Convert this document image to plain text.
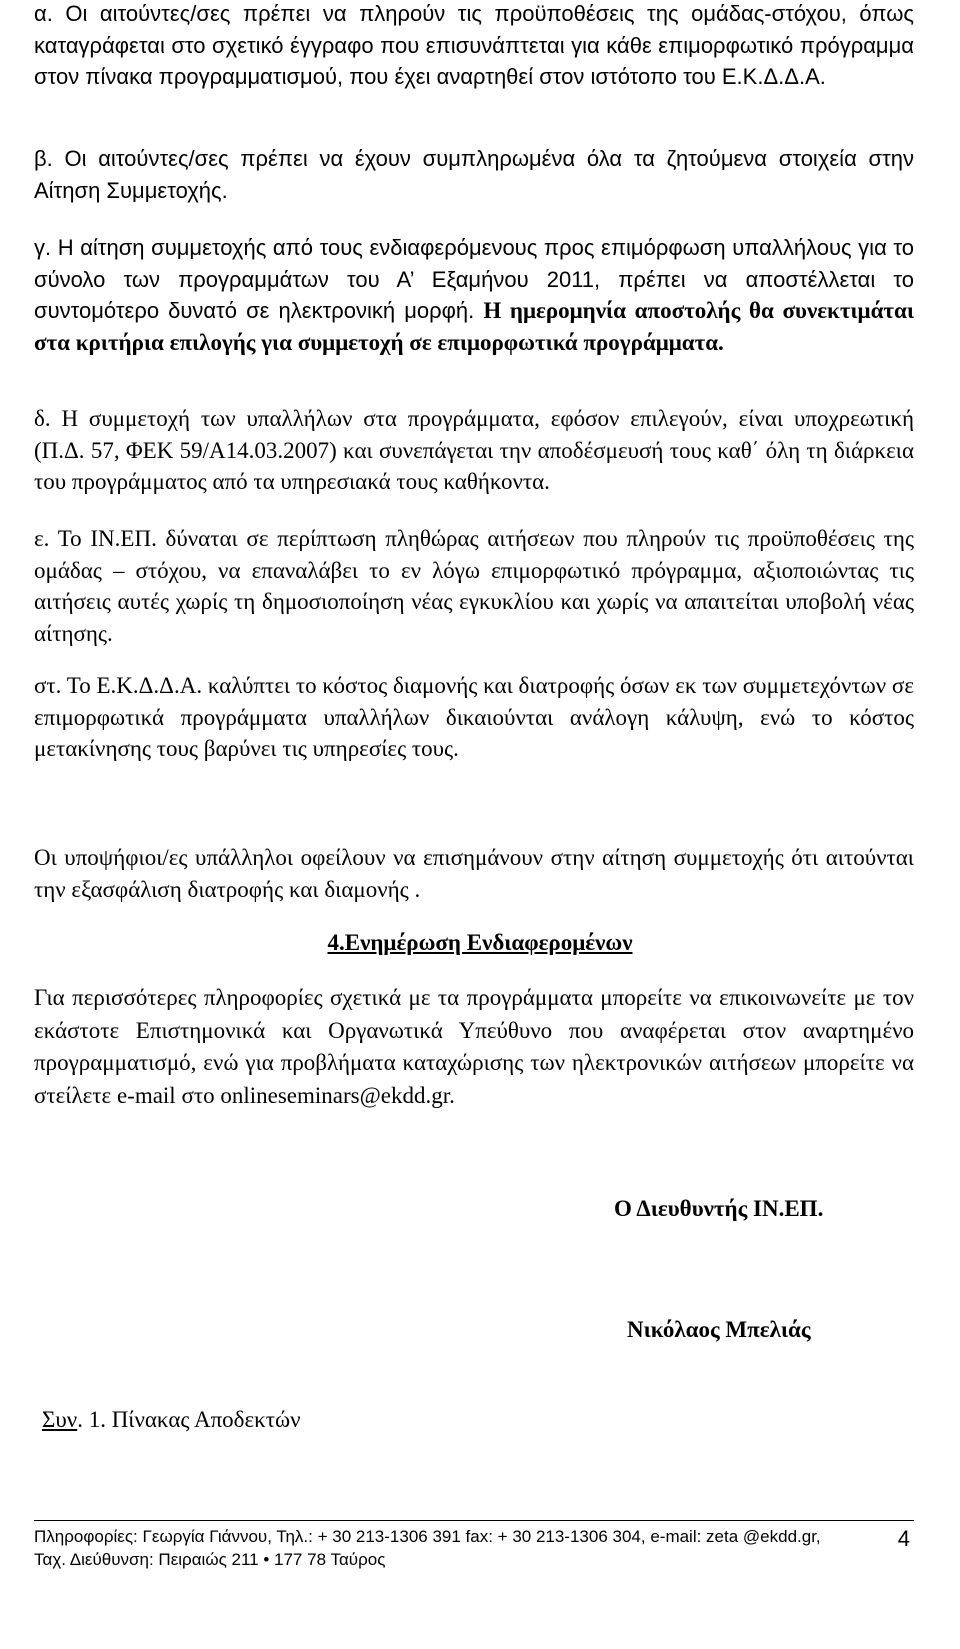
α. Οι αιτούντες/σες πρέπει να πληρούν τις προϋποθέσεις της ομάδας-στόχου, όπως καταγράφεται στο σχετικό έγγραφο που επισυνάπτεται για κάθε επιμορφωτικό πρόγραμμα στον πίνακα προγραμματισμού, που έχει αναρτηθεί στον ιστότοπο του Ε.Κ.Δ.Δ.Α.

β. Οι αιτούντες/σες πρέπει να έχουν συμπληρωμένα όλα τα ζητούμενα στοιχεία στην Αίτηση Συμμετοχής.

γ. Η αίτηση συμμετοχής από τους ενδιαφερόμενους προς επιμόρφωση υπαλλήλους για το σύνολο των προγραμμάτων του Α’ Εξαμήνου 2011, πρέπει να αποστέλλεται το συντομότερο δυνατό σε ηλεκτρονική μορφή. Η ημερομηνία αποστολής θα συνεκτιμάται στα κριτήρια επιλογής για συμμετοχή σε επιμορφωτικά προγράμματα.

δ. Η συμμετοχή των υπαλλήλων στα προγράμματα, εφόσον επιλεγούν, είναι υποχρεωτική (Π.Δ. 57, ΦΕΚ 59/Α14.03.2007) και συνεπάγεται την αποδέσμευσή τους καθ΄ όλη τη διάρκεια του προγράμματος από τα υπηρεσιακά τους καθήκοντα.

ε. Το ΙΝ.ΕΠ. δύναται σε περίπτωση πληθώρας αιτήσεων που πληρούν τις προϋποθέσεις της ομάδας – στόχου, να επαναλάβει το εν λόγω επιμορφωτικό πρόγραμμα, αξιοποιώντας τις αιτήσεις αυτές χωρίς τη δημοσιοποίηση νέας εγκυκλίου και χωρίς να απαιτείται υποβολή νέας αίτησης.

στ. Το Ε.Κ.Δ.Δ.Α. καλύπτει το κόστος διαμονής και διατροφής όσων εκ των συμμετεχόντων σε επιμορφωτικά προγράμματα υπαλλήλων δικαιούνται ανάλογη κάλυψη, ενώ το κόστος μετακίνησης τους βαρύνει τις υπηρεσίες τους.

Οι υποψήφιοι/ες υπάλληλοι οφείλουν να επισημάνουν στην αίτηση συμμετοχής ότι αιτούνται την εξασφάλιση διατροφής και διαμονής .

4.Ενημέρωση Ενδιαφερομένων

Για περισσότερες πληροφορίες σχετικά με τα προγράμματα μπορείτε να επικοινωνείτε με τον εκάστοτε Επιστημονικά και Οργανωτικά Υπεύθυνο που αναφέρεται στον αναρτημένο προγραμματισμό, ενώ για προβλήματα καταχώρισης των ηλεκτρονικών αιτήσεων μπορείτε να στείλετε e-mail στο onlineseminars@ekdd.gr.

Ο Διευθυντής ΙΝ.ΕΠ.
Νικόλαος Μπελιάς
Συν. 1. Πίνακας Αποδεκτών
Πληροφορίες: Γεωργία Γιάννου, Τηλ.: + 30 213-1306 391 fax: + 30 213-1306 304, e-mail: zeta @ekdd.gr,
Ταχ. Διεύθυνση: Πειραιώς 211 • 177 78 Ταύρος
4
